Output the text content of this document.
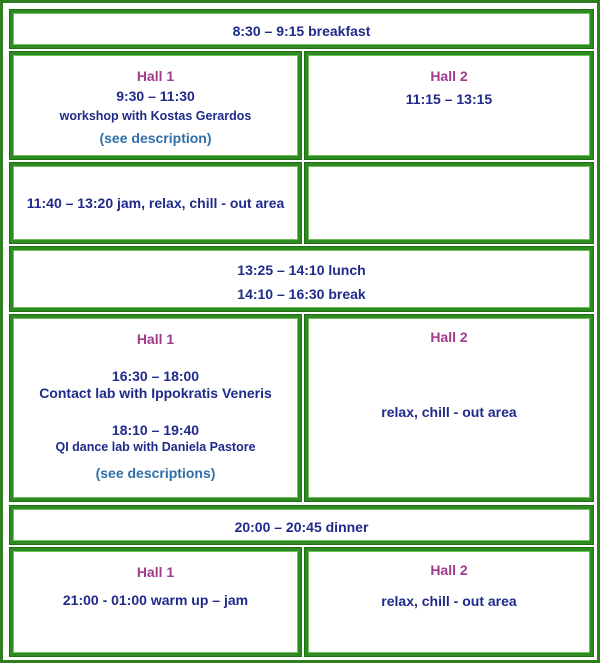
8:30 – 9:15 breakfast
Hall 1
9:30 – 11:30
workshop with Kostas Gerardos
(see description)
Hall 2
11:15 – 13:15
11:40 – 13:20 jam, relax, chill - out area
13:25 – 14:10 lunch
14:10 – 16:30 break
Hall 1
16:30 – 18:00
Contact lab with Ippokratis Veneris
18:10 – 19:40
QI dance lab with Daniela Pastore
(see descriptions)
Hall 2
relax, chill - out area
20:00 – 20:45 dinner
Hall 1
21:00 - 01:00 warm up – jam
Hall 2
relax, chill - out area
